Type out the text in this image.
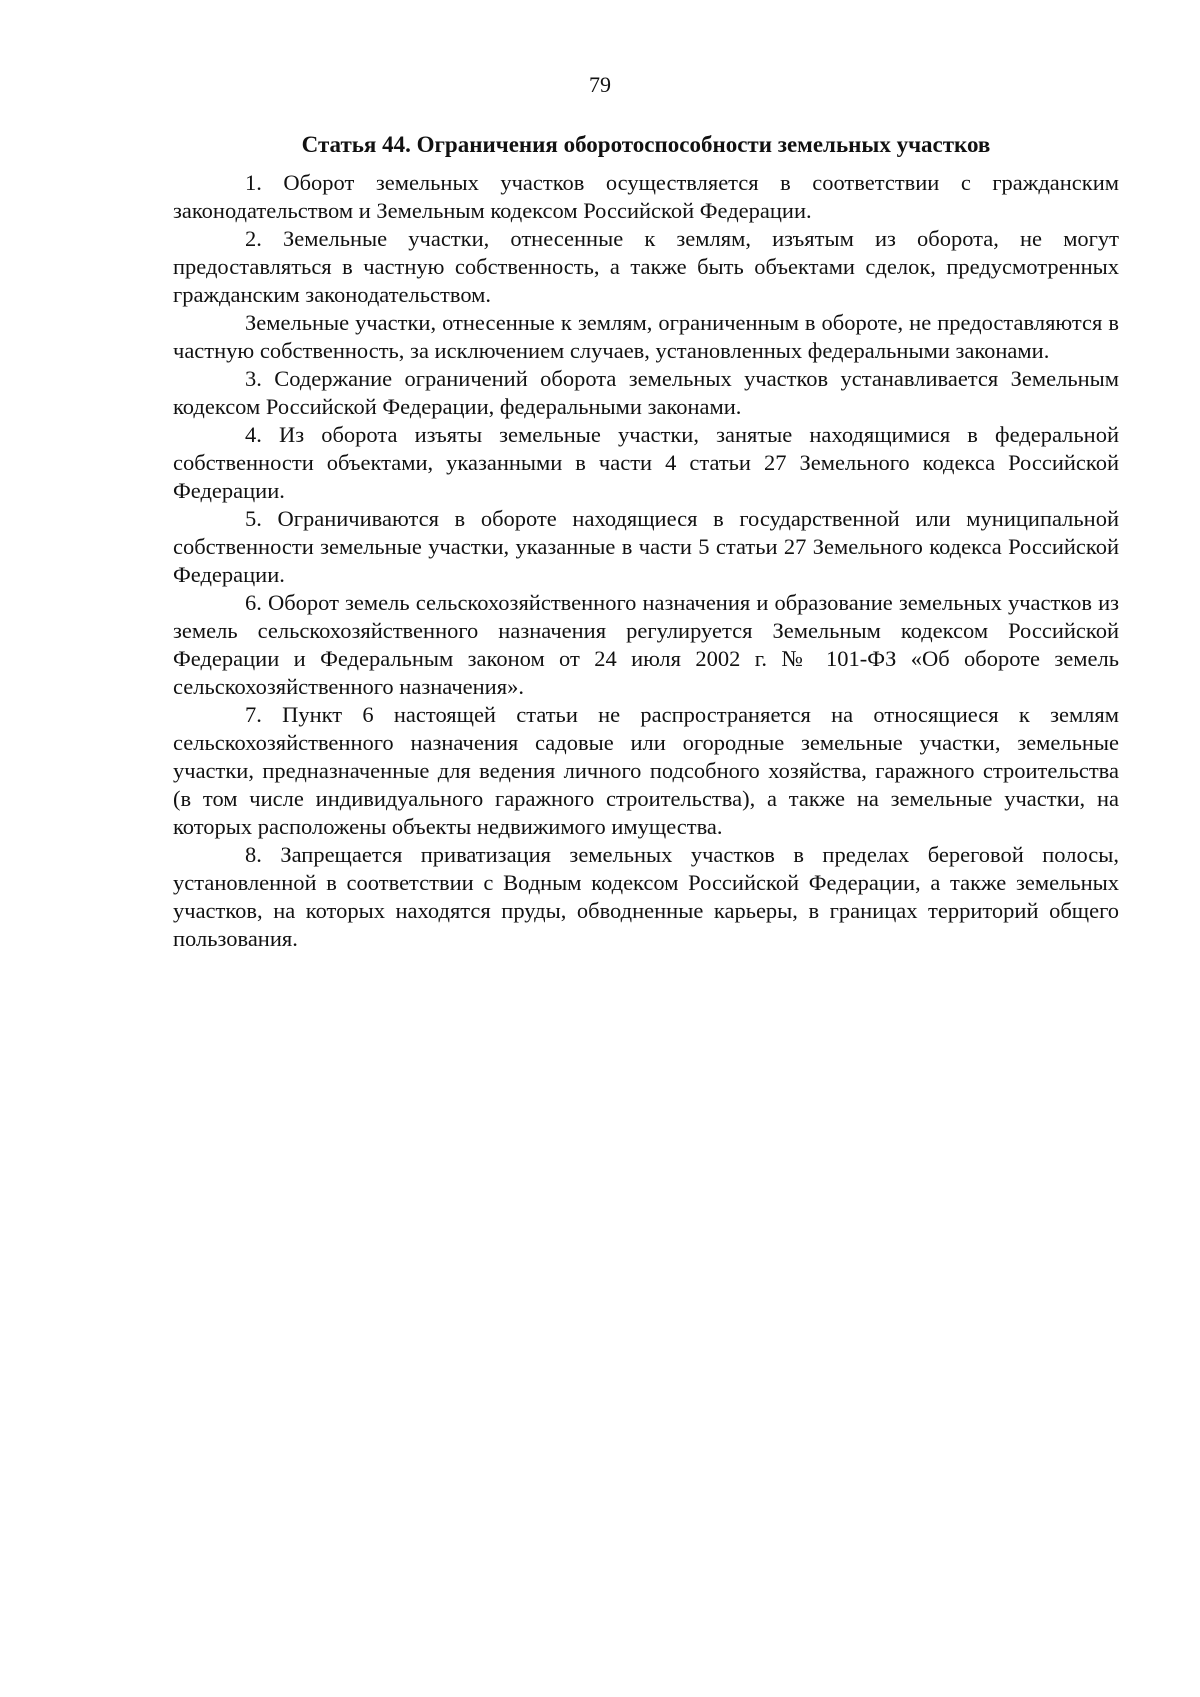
79
Статья 44. Ограничения оборотоспособности земельных участков

1. Оборот земельных участков осуществляется в соответствии с гражданским законодательством и Земельным кодексом Российской Федерации.

2. Земельные участки, отнесенные к землям, изъятым из оборота, не могут предоставляться в частную собственность, а также быть объектами сделок, предусмотренных гражданским законодательством.

Земельные участки, отнесенные к землям, ограниченным в обороте, не предоставляются в частную собственность, за исключением случаев, установленных федеральными законами.

3. Содержание ограничений оборота земельных участков устанавливается Земельным кодексом Российской Федерации, федеральными законами.

4. Из оборота изъяты земельные участки, занятые находящимися в федеральной собственности объектами, указанными в части 4 статьи 27 Земельного кодекса Российской Федерации.

5. Ограничиваются в обороте находящиеся в государственной или муниципальной собственности земельные участки, указанные в части 5 статьи 27 Земельного кодекса Российской Федерации.

6. Оборот земель сельскохозяйственного назначения и образование земельных участков из земель сельскохозяйственного назначения регулируется Земельным кодексом Российской Федерации и Федеральным законом от 24 июля 2002 г. № 101-ФЗ «Об обороте земель сельскохозяйственного назначения».

7. Пункт 6 настоящей статьи не распространяется на относящиеся к землям сельскохозяйственного назначения садовые или огородные земельные участки, земельные участки, предназначенные для ведения личного подсобного хозяйства, гаражного строительства (в том числе индивидуального гаражного строительства), а также на земельные участки, на которых расположены объекты недвижимого имущества.

8. Запрещается приватизация земельных участков в пределах береговой полосы, установленной в соответствии с Водным кодексом Российской Федерации, а также земельных участков, на которых находятся пруды, обводненные карьеры, в границах территорий общего пользования.
